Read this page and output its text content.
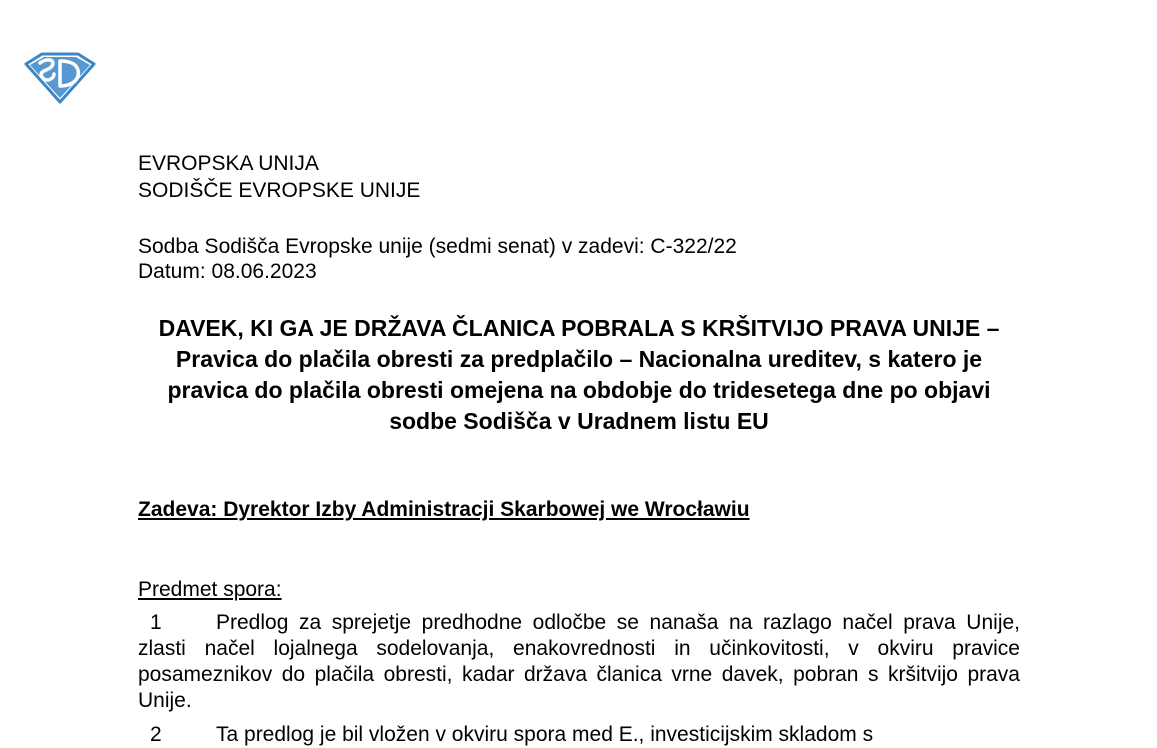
EVROPSKA UNIJA
SODIŠČE EVROPSKE UNIJE
Sodba Sodišča Evropske unije (sedmi senat) v zadevi: C-322/22
Datum: 08.06.2023
DAVEK, KI GA JE DRŽAVA ČLANICA POBRALA S KRŠITVIJO PRAVA UNIJE – Pravica do plačila obresti za predplačilo – Nacionalna ureditev, s katero je pravica do plačila obresti omejena na obdobje do tridesetega dne po objavi sodbe Sodišča v Uradnem listu EU
Zadeva: Dyrektor Izby Administracji Skarbowej we Wrocławiu
Predmet spora:
1	Predlog za sprejetje predhodne odločbe se nanaša na razlago načel prava Unije, zlasti načel lojalnega sodelovanja, enakovrednosti in učinkovitosti, v okviru pravice posameznikov do plačila obresti, kadar država članica vrne davek, pobran s kršitvijo prava Unije.
2	Ta predlog je bil vložen v okviru spora med E., investicijskim skladom s
